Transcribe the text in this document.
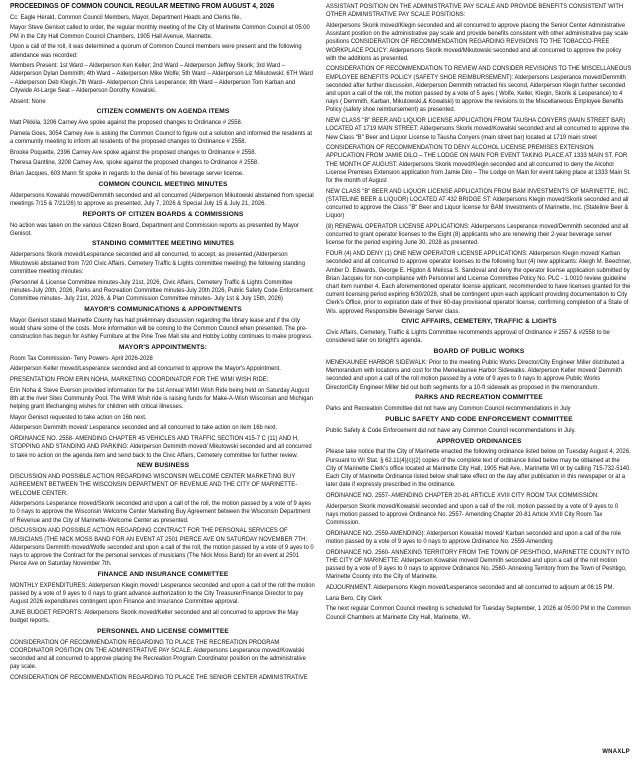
PROCEEDINGS OF COMMON COUNCIL REGULAR MEETING FROM AUGUST 4, 2026

Cc: Eagle Herald, Common Council Members, Mayor, Department Heads and Clerks file.

Mayor Steve Genisot called to order, the regular monthly meeting of the City of Marinette Common Council at 05:00 PM in the City Hall Common Council Chambers, 1905 Hall Avenue, Marinette.

Upon a call of the roll, it was determined a quorum of Common Council members were present and the following attendance was recorded:

Members Present: 1st Ward – Alderperson Ken Keller; 2nd Ward – Alderperson Jeffrey Skorik; 3rd Ward – Alderperson Dylan Demmith; 4th Ward – Alderperson Mike Wolfe; 5th Ward – Alderperson Liz Mikutowski; 6TH Ward – Alderperson Deb Klegin.7th Ward– Alderperson Chris Lesperance; 8th Ward – Alderperson Tom Karban and Citywide At-Large Seat – Alderperson Dorothy Kowalski.

Absent: None

CITIZEN COMMENTS ON AGENDA ITEMS

Matt Pikkila, 3206 Carney Ave spoke against the proposed changes to Ordinance # 2558.

Pamela Goes, 3054 Carney Ave is asking the Common Council to figure out a solution and informed the residents at a community meeting to inform all residents of the proposed changes to Ordinance # 2558.

Brooke Poquette, 2396 Carney Ave spoke against the proposed changes to Ordinance # 2558.

Theresa Dantline, 3208 Carney Ave, spoke against the proposed changes to Ordinance # 2558.

Brian Jacques, 603 Mann St spoke in regards to the denial of his beverage server license.

COMMON COUNCIL MEETING MINUTES

Alderpersons Kowalski moved/Demmith seconded and all concurred (Alderperson Mikutowski abstained from special meetings 7/15 & 7/21/26) to approve as presented, July 7, 2026 & Special July 15 & July 21, 2026.

REPORTS OF CITIZEN BOARDS & COMMISSIONS

No action was taken on the various Citizen Board, Department and Commission reports as presented by Mayor Genisot.

STANDING COMMITTEE MEETING MINUTES

Alderpersons Skorik moved/Lesperance seconded and all concurred, to accept, as presented,(Alderperson Mikutowski abstained from 7/20 Civic Affairs, Cemetery Traffic & Lights committee meeting) the following standing committee meeting minutes:

(Personnel & License Committee minutes-July 21st, 2026, Civic Affairs, Cemetery Traffic & Lights Committee minutes-July 20th, 2026, Parks and Recreation Committee minutes-July 20th 2026, Public Safety Code Enforcement Committee minutes- July 21st, 2026, & Plan Commission Committee minutes- July 1st & July 15th, 2026)

MAYOR'S COMMUNICATIONS & APPOINTMENTS

Mayor Genisot stated Marinette County has had preliminary discussion regarding the library lease and if the city would share some of the costs. More information will be coming to the Common Council when presented. The pre-construction has begun for Ashley Furniture at the Pine Tree Mall site and Hobby Lobby continues to make progress.

MAYOR'S APPOINTMENTS:

Room Tax Commission- Terry Powers- April 2026-2028

Alderperson Keller moved/Lesperance seconded and all concurred to approve the Mayor's Appointment.

PRESENTATION FROM ERIN NOHA, MARKETING COORDINATOR FOR THE WIMI WISH RIDE:

Erin Noha & Steve Everson provided information for the 1st Annual WIMI Wish Ride being held on Saturday August 8th at the river Sites Community Pool. The WIMI Wish ride is raising funds for Make-A-Wish Wisconsin and Michigan helping grant lifechanging wishes for children with critical illnesses.

Mayor Genisot requested to take action on 16b next.

Alderperson Demmith moved/ Lesperance seconded and all concurred to take action on item 16b next.

ORDINANCE NO. 2558- AMENDING CHAPTER 45 VEHICLES AND TRAFFIC SECTION 415-7 C (11) AND H, STOPPING AND STANDING AND PARKING: Alderperson Demmith moved/ Mikutowski seconded and all concurred to take no action on the agenda item and send back to the Civic Affairs, Cemetery committee for further review.

NEW BUSINESS

DISCUSSION AND POSSIBLE ACTION REGARDING WISCONSIN WELCOME CENTER MARKETING BUY AGREEMENT BETWEEN THE WISCONSIN DEPARTMENT OF REVENUE AND THE CITY OF MARINETTE-WELCOME CENTER.

Alderpersons Lesperance moved/Skorik seconded and upon a call of the roll, the motion passed by a vote of 9 ayes to 0 nays to approve the Wisconsin Welcome Center Marketing Buy Agreement between the Wisconsin Department of Revenue and the City of Marinette-Welcome Center as presented.

DISCUSSION AND POSSIBLE ACTION REGARDING CONTRACT FOR THE PERSONAL SERVICES OF MUSICIANS (THE NICK MOSS BAND FOR AN EVENT AT 2501 PIERCE AVE ON SATURDAY NOVEMBER 7TH: Alderpersons Demmith moved/Wolfe seconded and upon a call of the roll, the motion passed by a vote of 9 ayes to 0 nays to approve the Contract for the personal services of musicians (The Nick Moss Band) for an event at 2501 Pierce Ave on Saturday November 7th.

FINANCE AND INSURANCE COMMITTEE

MONTHLY EXPENDITURES: Alderperson Klegin moved/ Lesperance seconded and upon a call of the roll the motion passed by a vote of 9 ayes to 0 nays to grant advance authorization to the City Treasurer/Finance Director to pay August 2026 expenditures contingent upon Finance and Insurance Committee approval.

JUNE BUDGET REPORTS: Alderpersons Skorik moved/Keller seconded and all concurred to approve the May budget reports.

PERSONNEL AND LICENSE COMMITTEE

CONSIDERATION OF RECOMMENDATION REGARDING TO PLACE THE RECREATION PROGRAM COORDINATOR POSITION ON THE ADMINISTRATIVE PAY SCALE: Alderpersons Lesperance moved/Kowalski seconded and all concurred to approve placing the Recreation Program Coordinator position on the administrative pay scale.

CONSIDERATION OF RECOMMENDATION REGARDING TO PLACE THE SENIOR CENTER ADMINISTRATIVE

ASSISTANT POSITION ON THE ADMINISTRATIVE PAY SCALE AND PROVIDE BENEFITS CONSISTENT WITH OTHER ADMINISTRATIVE PAY SCALE POSITIONS:

Alderpersons Skorik moved/Klegin seconded and all concurred to approve placing the Senior Center Administrative Assistant position on the administrative pay scale and provide benefits consistent with other administrative pay scale positions CONSIDERATION OF RECOMMENDATION REGARDING REVISIONS TO THE TOBACCO-FREE WORKPLACE POLICY: Alderpersons Skorik moved/Mikutowski seconded and all concurred to approve the policy with the additions as presented.

CONSIDERATION OF RECOMMENDATION TO REVIEW AND CONSIDER REVISIONS TO THE MISCELLANEOUS EMPLOYEE BENEFITS POLICY (SAFETY SHOE REIMBURSEMENT): Alderpersons Lesperance moved/Demmith seconded after further discussion, Alderperson Demmith retracted his second, Alderperson Klegin further seconded and upon a call of the roll, the motion passed by a vote of 5 ayes ( Wolfe, Keller, Klegin, Skorik & Lesperance) to 4 nays ( Demmith, Karban, Mikutowski,& Kowalski) to approve the revisions to the Miscellaneous Employee Benefits Policy (safety shoe reimbursement) as presented.

NEW CLASS "B" BEER AND LIQUOR LICENSE APPLICATION FROM TAUSHA CONYERS (MAIN STREET BAR) LOCATED AT 1719 MAIN STREET: Alderpersons Skorik moved/Kowalski seconded and all concurred to approve the New Class "B" Beer and Liquor License to Tausha Conyers (main street bar) located at 1719 main street

CONSIDERATION OF RECOMMENDATION TO DENY ALCOHOL LICENSE PREMISES EXTENSION APPLICATION FROM JAMIE DILO – THE LODGE ON MAIN FOR EVENT TAKING PLACE AT 1333 MAIN ST. FOR THE MONTH OF AUGUST: Alderpersons Skorik moved/Klegin seconded and all concurred to deny the Alcohol License Premises Extension application from Jamie Dilo – The Lodge on Main for event taking place at 1333 Main St. for the month of August

NEW CLASS "B" BEER AND LIQUOR LICENSE APPLICATION FROM BAM INVESTMENTS OF MARINETTE, INC. (STATELINE BEER & LIQUOR) LOCATED AT 432 BRIDGE ST: Alderpersons Klegin moved/Skorik seconded and all concurred to approve the Class "B" Beer and Liquor license for BAM Investments of Marinette, Inc. (Stateline Beer & Liquor)

(8) RENEWAL OPERATOR LICENSE APPLICATIONS: Alderpersons Lesperance moved/Demmith seconded and all concurred to grant operator licenses to the Eight (8) applicants who are renewing their 2-year beverage server license for the period expiring June 30, 2028 as presented.

FOUR (4) AND DENY (1) ONE NEW OPERATOR LICENSE APPLICATIONS: Alderperson Klegin moved/ Karban seconded and all concurred to approve operator licenses to the following four (4) new applicants: Aleigh M. Beechner, Amber D. Edwards, George E. Higdon & Melissa S. Sandoval and deny the operator license application submitted by Brian Jacques for non-compliance with Personnel and License Committee Policy No. PLC - 1.0010 review guideline chart item number 4. Each aforementioned operator license applicant, recommended to have licenses granted for the current licensing period expiring 6/30/2028, shall be contingent upon each applicant providing documentation to City Clerk's Office, prior to expiration date of their 60-day provisional operator license, confirming completion of a State of Wis. approved Responsible Beverage Server class.

CIVIC AFFAIRS, CEMETERY, TRAFFIC & LIGHTS

Civic Affairs, Cemetery, Traffic & Lights Committee recommends approval of Ordinance # 2557 & #2558 to be considered later on tonight's agenda.

BOARD OF PUBLIC WORKS

MENEKAUNEE HARBOR SIDEWALK: Prior to the meeting Public Works Director/City Engineer Miller distributed a Memorandum with locations and cost for the Menekaunee Harbor Sidewalks. Alderperson Keller moved/ Demmith seconded and upon a call of the roll motion passed by a vote of 9 ayes to 0 nays to approve Public Works Director/City Engineer Miller bid out both segments for a 10-ft sidewalk as proposed in the memorandum.

PARKS AND RECREATION COMMITTEE

Parks and Recreation Committee did not have any Common Council recommendations in July

PUBLIC SAFETY AND CODE ENFORCEMENT COMMITTEE

Public Safety & Code Enforcement did not have any Common Council recommendations in July.

APPROVED ORDINANCES

Please take notice that the City of Marinette enacted the following ordinance listed below on Tuesday August 4, 2026. Pursuant to WI Stat. § 62.11(4)(c)(2) copies of the complete text of ordinance listed below may be obtained at the City of Marinette Clerk's office located at Marinette City Hall, 1905 Hall Ave., Marinette WI or by calling 715-732-5140. Each City of Marinette Ordinance listed below shall take effect on the day after publication in this newspaper or at a later date if expressly prescribed in the ordinance.

ORDINANCE NO. 2557- AMENDING CHAPTER 20-81 ARTICLE XVIII CITY ROOM TAX COMMISSION:

Alderperson Skorik moved/Kowalski seconded and upon a call of the roll, motion passed by a vote of 9 ayes to 0 nays motion passed to approve Ordinance No. 2557- Amending Chapter 20-81 Article XVIII City Room Tax Commission.

ORDINANCE NO. 2559-AMENDING): Alderperson Kowalski moved/ Karban seconded and upon a call of the role motion passed by a vote of 9 ayes to 0 nays to approve Ordinance No. 2559-Amending

ORDINANCE NO. 2560- ANNEXING TERRITORY FROM THE TOWN OF PESHTIGO, MARINETTE COUNTY INTO THE CITY OF MARINETTE: Alderperson Kowalski moved/ Demmith seconded and upon a call of the roll motion passed by a vote of 9 ayes to 0 nays to approve Ordinance No. 2560- Annexing Territory from the Town of Peshtigo, Marinette County into the City of Marinette.

ADJOURNMENT: Alderpersons Klegin moved/Lesperance seconded and all concurred to adjourn at 06:15 PM.

Lana Bero, City Clerk

The next regular Common Council meeting is scheduled for Tuesday September, 1 2026 at 05:00 PM in the Common Council Chambers at Marinette City Hall, Marinette, WI.

WNAXLP
